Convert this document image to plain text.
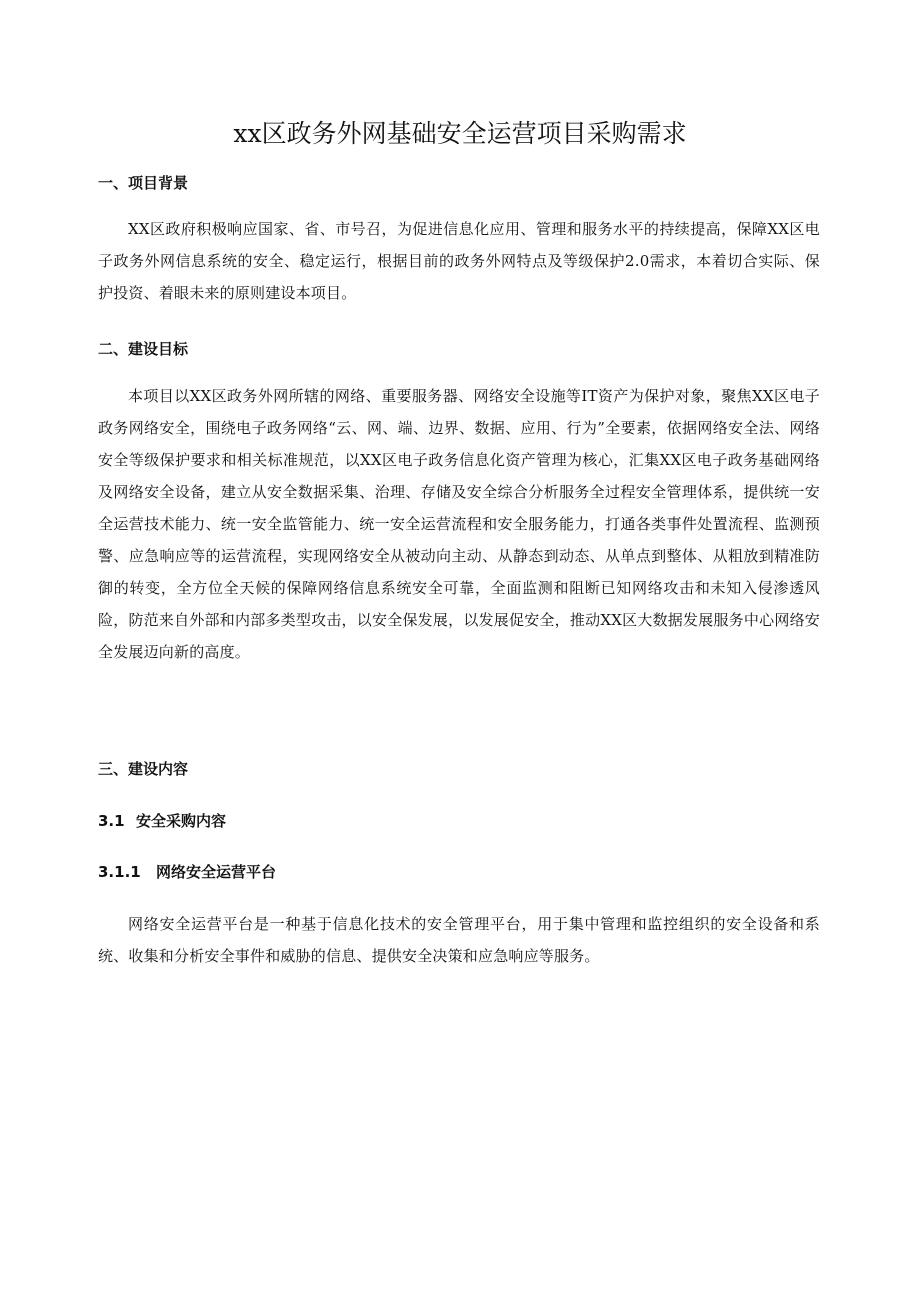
xx区政务外网基础安全运营项目采购需求
一、项目背景

XX区政府积极响应国家、省、市号召，为促进信息化应用、管理和服务水平的持续提高，保障XX区电子政务外网信息系统的安全、稳定运行，根据目前的政务外网特点及等级保护2.0需求，本着切合实际、保护投资、着眼未来的原则建设本项目。

二、建设目标

本项目以XX区政务外网所辖的网络、重要服务器、网络安全设施等IT资产为保护对象，聚焦XX区电子政务网络安全，围绕电子政务网络“云、网、端、边界、数据、应用、行为”全要素，依据网络安全法、网络安全等级保护要求和相关标准规范，以XX区电子政务信息化资产管理为核心，汇集XX区电子政务基础网络及网络安全设备，建立从安全数据采集、治理、存储及安全综合分析服务全过程安全管理体系，提供统一安全运营技术能力、统一安全监管能力、统一安全运营流程和安全服务能力，打通各类事件处置流程、监测预警、应急响应等的运营流程，实现网络安全从被动向主动、从静态到动态、从单点到整体、从粗放到精准防御的转变，全方位全天候的保障网络信息系统安全可靠，全面监测和阻断已知网络攻击和未知入侵渗透风险，防范来自外部和内部多类型攻击，以安全保发展，以发展促安全，推动XX区大数据发展服务中心网络安全发展迈向新的高度。

三、建设内容
3.1 安全采购内容
3.1.1 网络安全运营平台

网络安全运营平台是一种基于信息化技术的安全管理平台，用于集中管理和监控组织的安全设备和系统、收集和分析安全事件和威胁的信息、提供安全决策和应急响应等服务。
